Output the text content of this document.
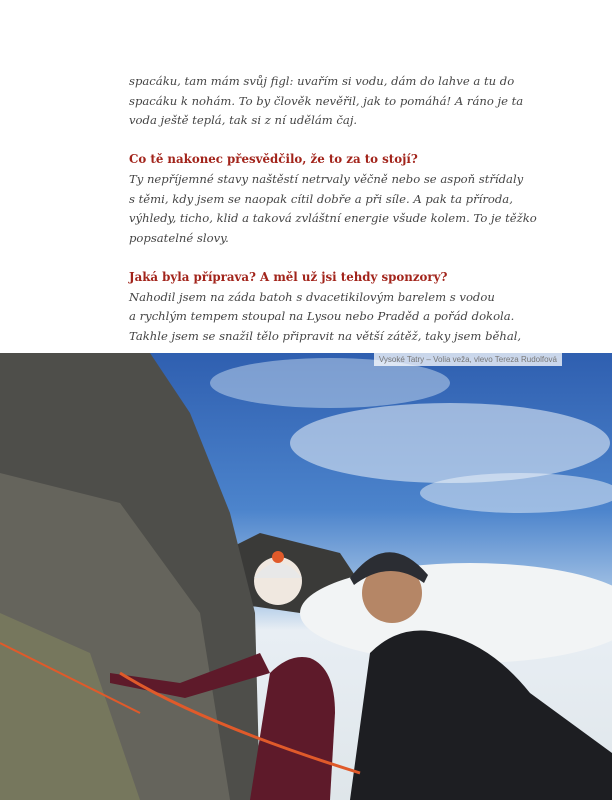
spacáku, tam mám svůj figl: uvařím si vodu, dám do lahve a tu do

spacáku k nohám. To by člověk nevěřil, jak to pomáhá! A ráno je ta

voda ještě teplá, tak si z ní udělám čaj.

Co tě nakonec přesvědčilo, že to za to stojí?

Ty nepříjemné stavy naštěstí netrvaly věčně nebo se aspoň střídaly

s těmi, kdy jsem se naopak cítil dobře a při síle. A pak ta příroda,

výhledy, ticho, klid a taková zvláštní energie všude kolem. To je těžko

popsatelné slovy.

Jaká byla příprava? A měl už jsi tehdy sponzory?

Nahodil jsem na záda batoh s dvacetikilovým barelem s vodou

a rychlým tempem stoupal na Lysou nebo Praděd a pořád dokola.

Takhle jsem se snažil tělo připravit na větší zátěž, taky jsem běhal,

Vysoké Tatry – Volia veža, vlevo Tereza Rudolfová
